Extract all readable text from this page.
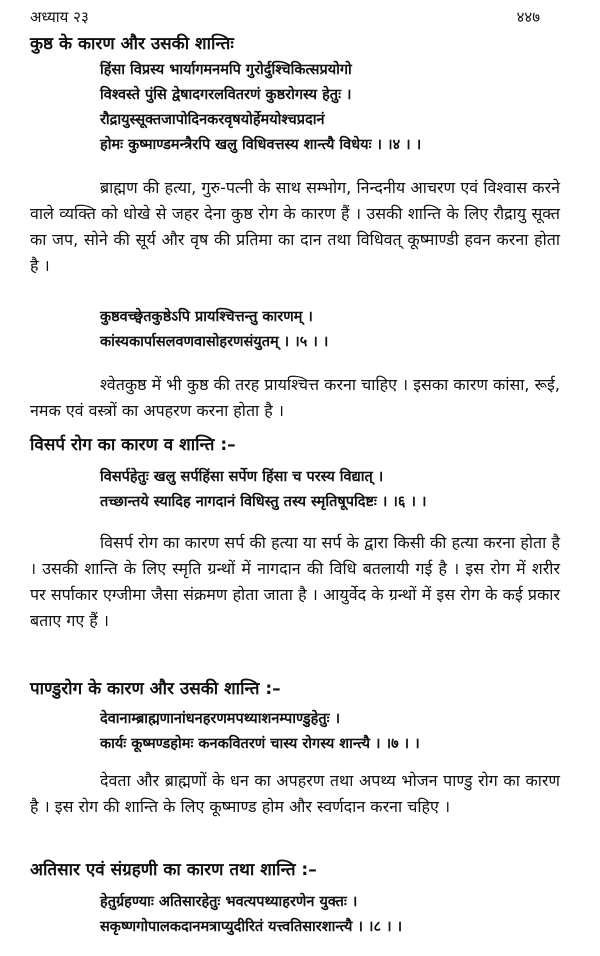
अध्याय २३	४४७
कुष्ठ के कारण और उसकी शान्तिः
हिंसा विप्रस्य भार्यागमनमपि गुरोर्दुश्चिकित्सप्रयोगो
विश्वस्ते पुंसि द्वेषादगरलवितरणं कुष्ठरोगस्य हेतुः ।
रौद्रायुस्सूक्तजापोदिनकरवृषयोर्हेमयोश्चप्रदानं
होमः कुष्माण्डमन्त्रैरपि खलु विधिवत्तस्य शान्त्यै विधेयः । ।४ । ।
ब्राह्मण की हत्या, गुरु-पत्नी के साथ सम्भोग, निन्दनीय आचरण एवं विश्वास करने वाले व्यक्ति को धोखे से जहर देना कुष्ठ रोग के कारण हैं । उसकी शान्ति के लिए रौद्रायु सूक्त का जप, सोने की सूर्य और वृष की प्रतिमा का दान तथा विधिवत् कूष्माण्डी हवन करना होता है ।
कुष्ठवच्छ्वेतकुष्ठेऽपि प्रायश्चित्तन्तु कारणम् ।
कांस्यकार्पासलवणवासोहरणसंयुतम् । ।५ । ।
श्वेतकुष्ठ में भी कुष्ठ की तरह प्रायश्चित्त करना चाहिए । इसका कारण कांसा, रूई, नमक एवं वस्त्रों का अपहरण करना होता है ।
विसर्प रोग का कारण व शान्ति :–
विसर्पहेतुः खलु सर्पहिंसा सर्पेण हिंसा च परस्य विद्यात् ।
तच्छान्तये स्यादिह नागदानं विधिस्तु तस्य स्मृतिषूपदिष्टः । ।६ । ।
विसर्प रोग का कारण सर्प की हत्या या सर्प के द्वारा किसी की हत्या करना होता है । उसकी शान्ति के लिए स्मृति ग्रन्थों में नागदान की विधि बतलायी गई है । इस रोग में शरीर पर सर्पाकार एग्जीमा जैसा संक्रमण होता जाता है । आयुर्वेद के ग्रन्थों में इस रोग के कई प्रकार बताए गए हैं ।
पाण्डुरोग के कारण और उसकी शान्ति :–
देवानाम्ब्राह्मणानांधनहरणमपथ्याशनम्पाण्डुहेतुः ।
कार्यः कूष्मण्डहोमः कनकवितरणं चास्य रोगस्य शान्त्यै । ।७ । ।
देवता और ब्राह्मणों के धन का अपहरण तथा अपथ्य भोजन पाण्डु रोग का कारण है । इस रोग की शान्ति के लिए कूष्माण्ड होम और स्वर्णदान करना चहिए ।
अतिसार एवं संग्रहणी का कारण तथा शान्ति :–
हेतुर्ग्रहण्याः अतिसारहेतुः भवत्यपथ्याहरणेन युक्तः ।
सकृष्णगोपालकदानमत्राप्युदीरितं यत्त्वतिसारशान्त्यै । ।८ । ।
